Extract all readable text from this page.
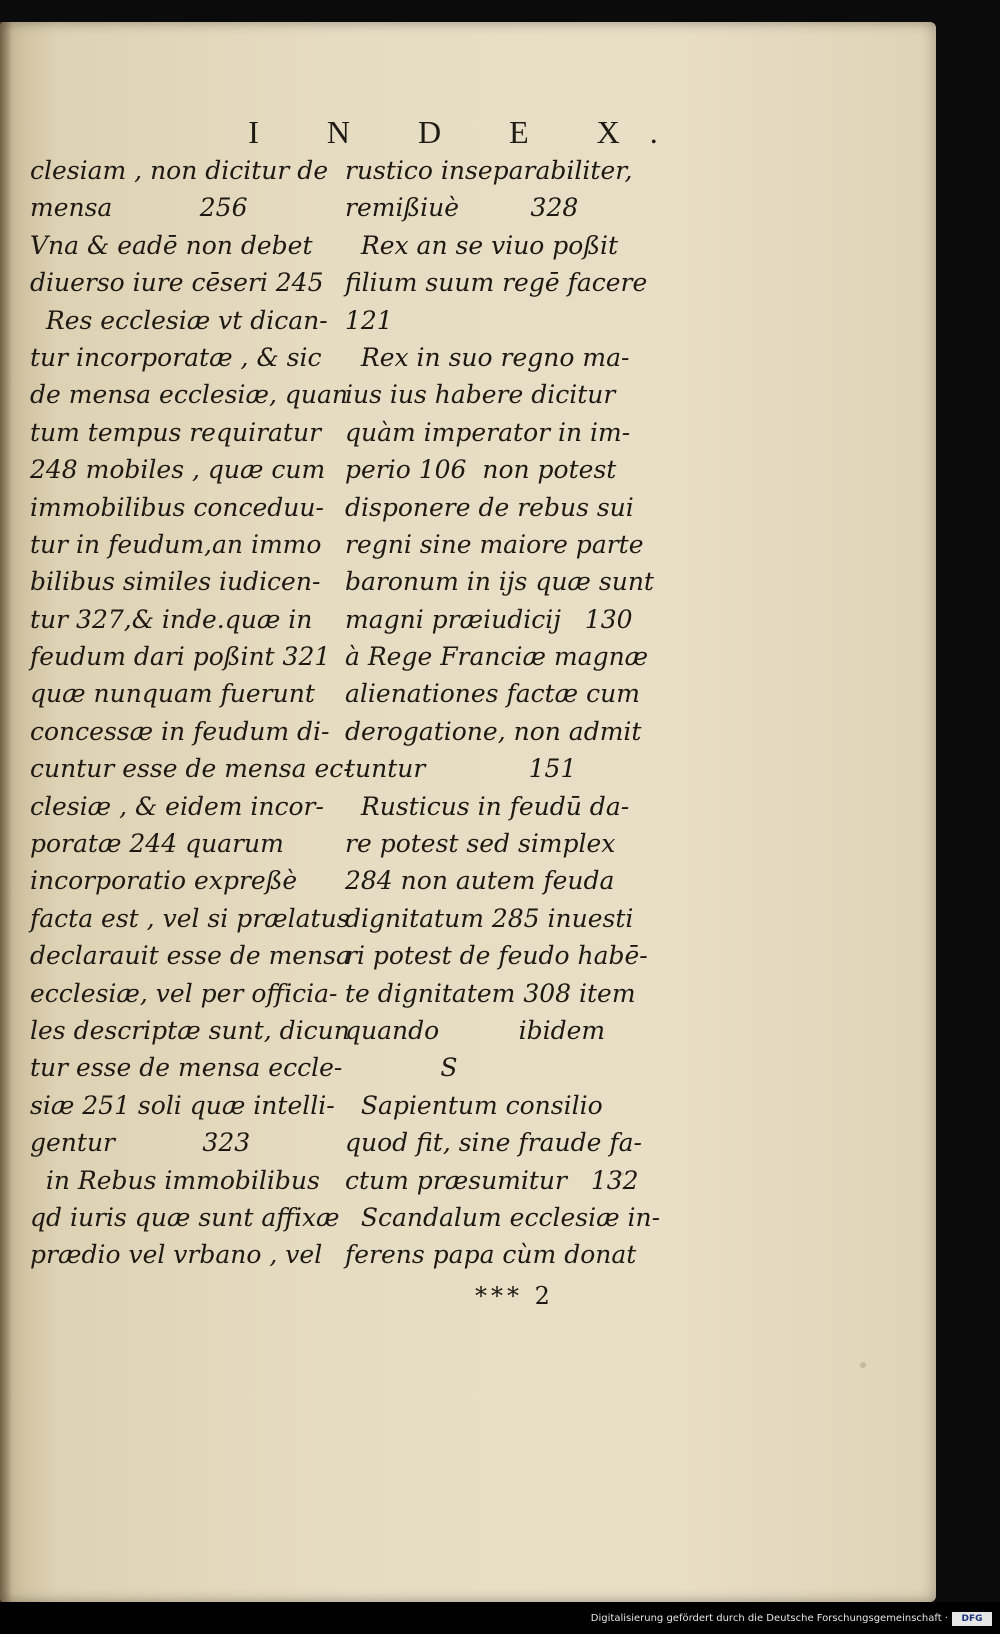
I N D E X.
clesiam , non dicitur de
mensa           256
Vna & eadē non debet
diuerso iure cēseri 245
Res ecclesiæ vt dican-
tur incorporatæ , & sic
de mensa ecclesiæ, quan
tum tempus requiratur
248 mobiles , quæ cum
immobilibus conceduu-
tur in feudum,an immo
bilibus similes iudicen-
tur 327,& inde.quæ in
feudum dari poßint 321
quæ nunquam fuerunt
concessæ in feudum di-
cuntur esse de mensa ec-
clesiæ , & eidem incor-
poratæ 244 quarum
incorporatio expreßè
facta est , vel si prælatus
declarauit esse de mensa
ecclesiæ, vel per officia-
les descriptæ sunt, dicun
tur esse de mensa eccle-
siæ 251 soli quæ intelli-
gentur           323
in Rebus immobilibus
qd iuris quæ sunt affixæ
prædio vel vrbano , vel
rustico inseparabiliter,
remißiuè         328
Rex an se viuo poßit
filium suum regē facere
121
Rex in suo regno ma-
ius ius habere dicitur
quàm imperator in im-
perio 106  non potest
disponere de rebus sui
regni sine maiore parte
baronum in ijs quæ sunt
magni præiudicij   130
à Rege Franciæ magnæ
alienationes factæ cum
derogatione, non admit
tuntur             151
Rusticus in feudū da-
re potest sed simplex
284 non autem feuda
dignitatum 285 inuesti
ri potest de feudo habē-
te dignitatem 308 item
quando          ibidem
S
Sapientum consilio
quod fit, sine fraude fa-
ctum præsumitur   132
Scandalum ecclesiæ in-
ferens papa cùm donat
*** 2
Digitalisierung gefördert durch die Deutsche Forschungsgemeinschaft ·	DFG
